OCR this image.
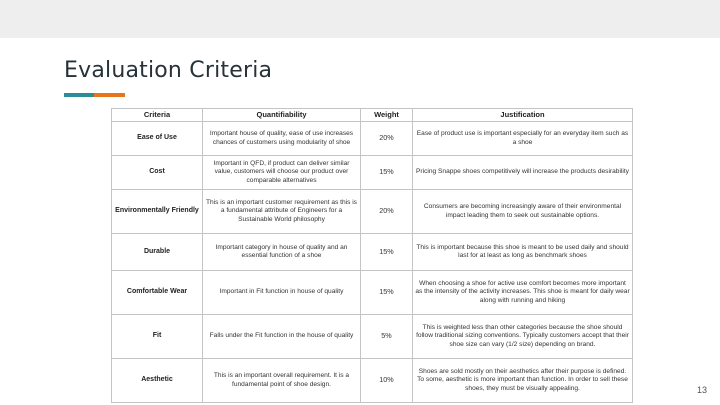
Evaluation Criteria
Criteria	Quantifiability	Weight	Justification
Ease of Use	Important house of quality, ease of use increases chances of customers using modularity of shoe	20%	Ease of product use is important especially for an everyday item such as a shoe
Cost	Important in QFD, if product can deliver similar value, customers will choose our product over comparable alternatives	15%	Pricing Snappe shoes competitively will increase the products desirability
Environmentally Friendly	This is an important customer requirement as this is a fundamental attribute of Engineers for a Sustainable World philosophy	20%	Consumers are becoming increasingly aware of their environmental impact leading them to seek out sustainable options.
Durable	Important category in house of quality and an essential function of a shoe	15%	This is important because this shoe is meant to be used daily and should last for at least as long as benchmark shoes
Comfortable Wear	Important in Fit function in house of quality	15%	When choosing a shoe for active use comfort becomes more important as the intensity of the activity increases. This shoe is meant for daily wear along with running and hiking
Fit	Falls under the Fit function in the house of quality	5%	This is weighted less than other categories because the shoe should follow traditional sizing conventions. Typically customers accept that their shoe size can vary (1/2 size) depending on brand.
Aesthetic	This is an important overall requirement. It is a fundamental point of shoe design.	10%	Shoes are sold mostly on their aesthetics after their purpose is defined. To some, aesthetic is more important than function. In order to sell these shoes, they must be visually appealing.	13
